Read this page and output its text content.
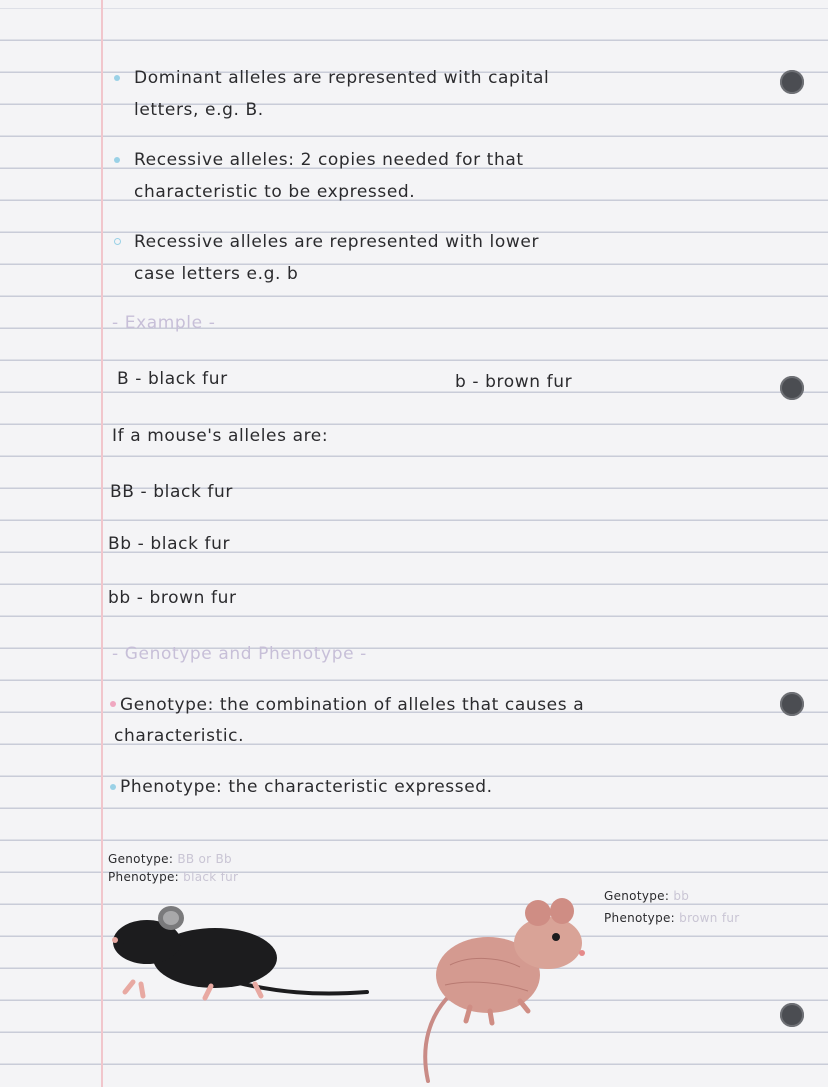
Dominant alleles are represented with capital
letters, e.g. B.
Recessive alleles: 2 copies needed for that
characteristic to be expressed.
Recessive alleles are represented with lower
case letters e.g. b
- Example -
B - black fur	b - brown fur
If a mouse's alleles are:
BB - black fur
Bb - black fur
bb - brown fur
- Genotype and Phenotype -
Genotype: the combination of alleles that causes a
characteristic.
Phenotype: the characteristic expressed.
Genotype: BB or Bb
Phenotype: black fur
Genotype: bb
Phenotype: brown fur
